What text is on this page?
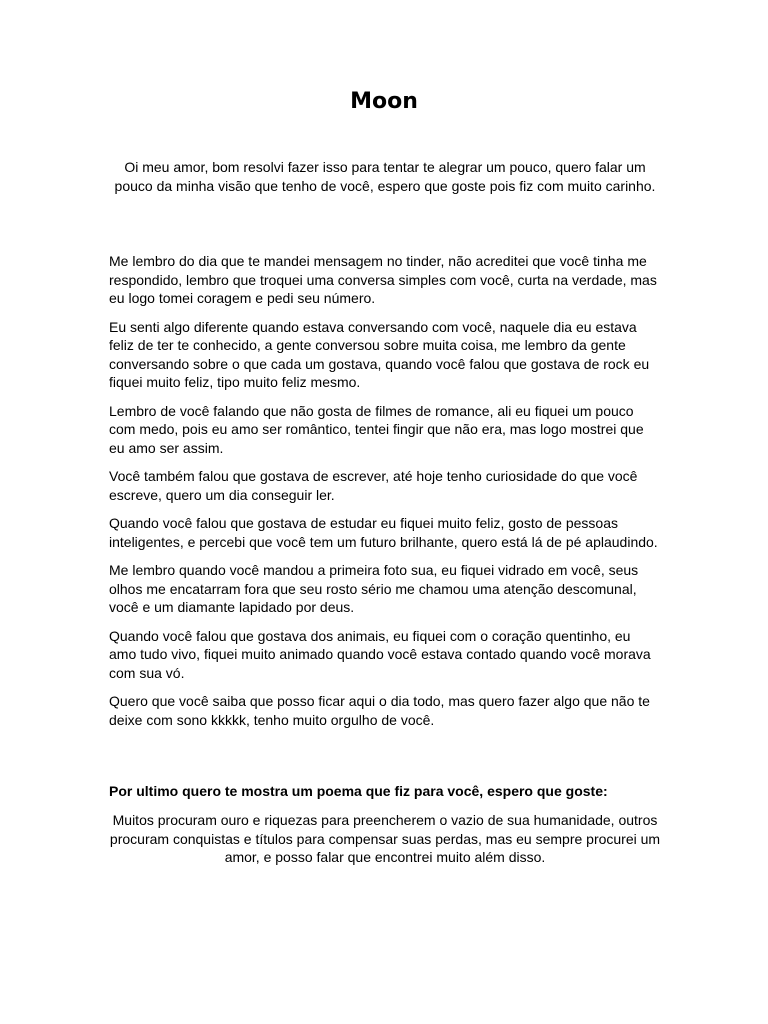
Moon

Oi meu amor, bom resolvi fazer isso para tentar te alegrar um pouco, quero falar um pouco da minha visão que tenho de você, espero que goste pois fiz com muito carinho.

Me lembro do dia que te mandei mensagem no tinder, não acreditei que você tinha me respondido, lembro que troquei uma conversa simples com você, curta na verdade, mas eu logo tomei coragem e pedi seu número.

Eu senti algo diferente quando estava conversando com você, naquele dia eu estava feliz de ter te conhecido, a gente conversou sobre muita coisa, me lembro da gente conversando sobre o que cada um gostava, quando você falou que gostava de rock eu fiquei muito feliz, tipo muito feliz mesmo.

Lembro de você falando que não gosta de filmes de romance, ali eu fiquei um pouco com medo, pois eu amo ser romântico, tentei fingir que não era, mas logo mostrei que eu amo ser assim.

Você também falou que gostava de escrever, até hoje tenho curiosidade do que você escreve, quero um dia conseguir ler.

Quando você falou que gostava de estudar eu fiquei muito feliz, gosto de pessoas inteligentes, e percebi que você tem um futuro brilhante, quero está lá de pé aplaudindo.

Me lembro quando você mandou a primeira foto sua, eu fiquei vidrado em você, seus olhos me encatarram fora que seu rosto sério me chamou uma atenção descomunal, você e um diamante lapidado por deus.

Quando você falou que gostava dos animais, eu fiquei com o coração quentinho, eu amo tudo vivo, fiquei muito animado quando você estava contado quando você morava com sua vó.

Quero que você saiba que posso ficar aqui o dia todo, mas quero fazer algo que não te deixe com sono kkkkk, tenho muito orgulho de você.

Por ultimo quero te mostra um poema que fiz para você, espero que goste:

Muitos procuram ouro e riquezas para preencherem o vazio de sua humanidade, outros procuram conquistas e títulos para compensar suas perdas, mas eu sempre procurei um amor, e posso falar que encontrei muito além disso.
